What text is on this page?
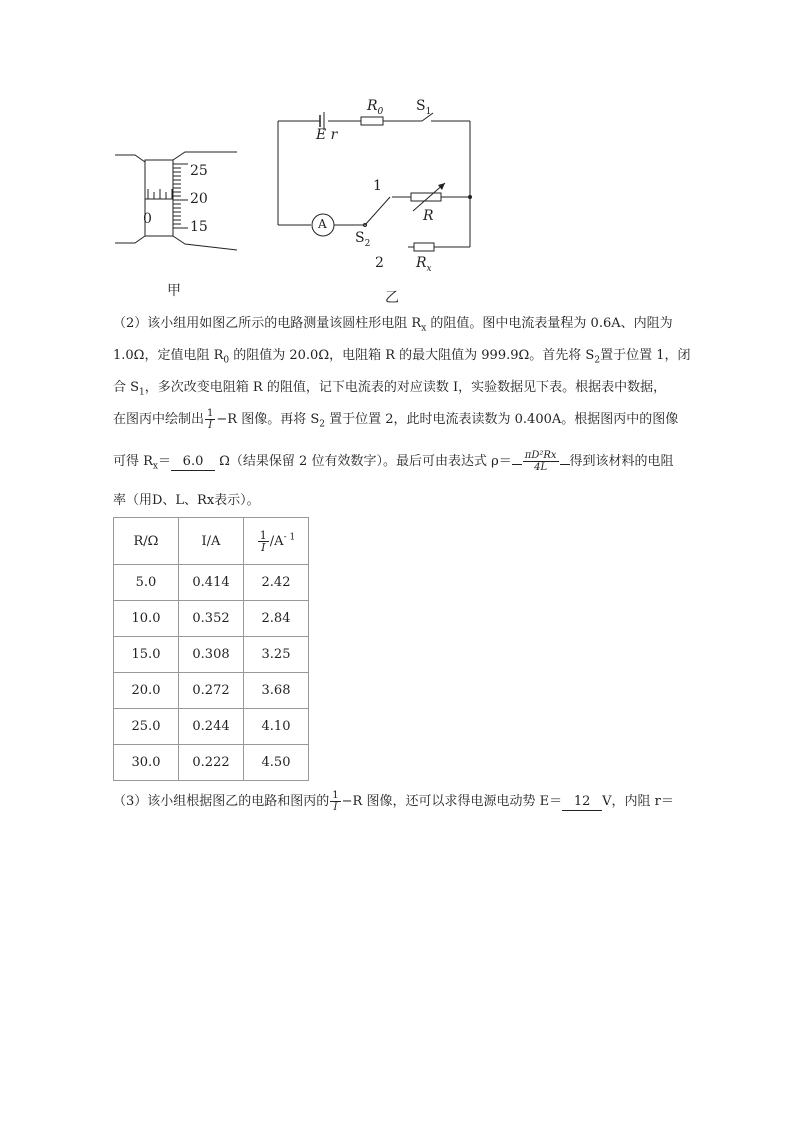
25
20
15
0
甲
A
$R_0$ $S_1$
E r
1
R
$S_2$
2 $R_x$
乙
（2）该小组用如图乙所示的电路测量该圆柱形电阻 $R_x$ 的阻值。图中电流表量程为 0.6A、内阻为
1.0Ω，定值电阻 $R_0$ 的阻值为 20.0Ω，电阻箱 R 的最大阻值为 999.9Ω。首先将 $S_2$置于位置 1，闭
合 $S_1$，多次改变电阻箱 R 的阻值，记下电流表的对应读数 I，实验数据见下表。根据表中数据，
在图丙中绘制出 $\frac{1}{I} -R$ 图像。再将 $S_2$ 置于位置 2，此时电流表读数为 0.400A。根据图丙中的图像
可得 $R_x= 6.0$ Ω（结果保留 2 位有效数字）。最后可由表达式 $\rho= \frac{\text{πD²Rx}}{4L}$ 得到该材料的电阻
率（用D、L、Rx表示）。
R/Ω	I/A	$\frac{1}{I} /A^{- 1}$
5.0	0.414	2.42
10.0	0.352	2.84
15.0	0.308	3.25
20.0	0.272	3.68
25.0	0.244	4.10
30.0	0.222	4.50
（3）该小组根据图乙的电路和图丙的 $\frac{1}{I} -R$ 图像，还可以求得电源电动势 E＝ 12 V，内阻 r＝
